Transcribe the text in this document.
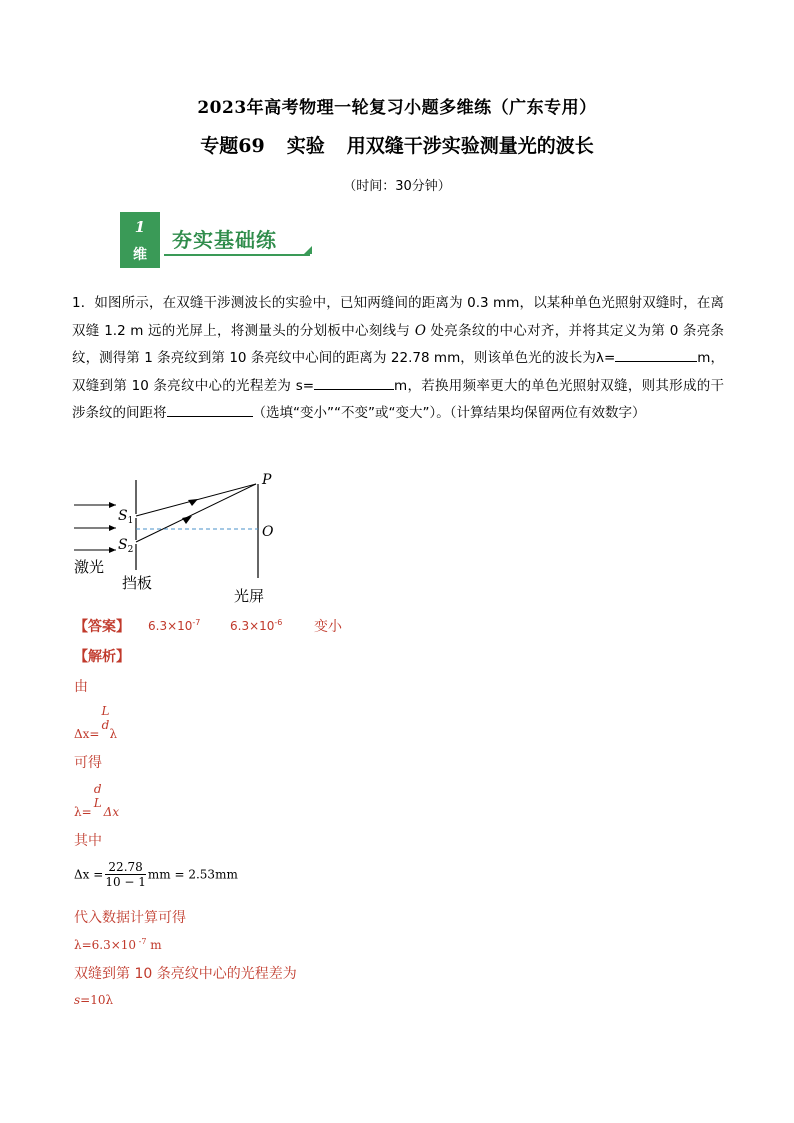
2023年高考物理一轮复习小题多维练（广东专用）
专题69 实验 用双缝干涉实验测量光的波长
（时间：30分钟）
1
维
夯实基础练
1．如图所示，在双缝干涉测波长的实验中，已知两缝间的距离为 0.3 mm，以某种单色光照射双缝时，在离双缝 1.2 m 远的光屏上，将测量头的分划板中心刻线与 O 处亮条纹的中心对齐，并将其定义为第 0 条亮条纹，测得第 1 条亮纹到第 10 条亮纹中心间的距离为 22.78 mm，则该单色光的波长为λ=	m，双缝到第 10 条亮纹中心的光程差为 s=	m，若换用频率更大的单色光照射双缝，则其形成的干涉条纹的间距将	（选填“变小”“不变”或“变大”）。（计算结果均保留两位有效数字）
P
O
$S_1$
$S_2$
激光
挡板
光屏
【答案】 $6.3\times 10^{-7}$ $6.3\times 10^{-6}$ 变小
【解析】
由
Δx=
L
d
λ
可得
λ=
d
L
Δx
其中
$\Delta x = \frac{22.78}{10 - 1}$ mm = 2.53mm
代入数据计算可得
λ=6.3×10 $^{-7}$ m
双缝到第 10 条亮纹中心的光程差为
s=10λ
